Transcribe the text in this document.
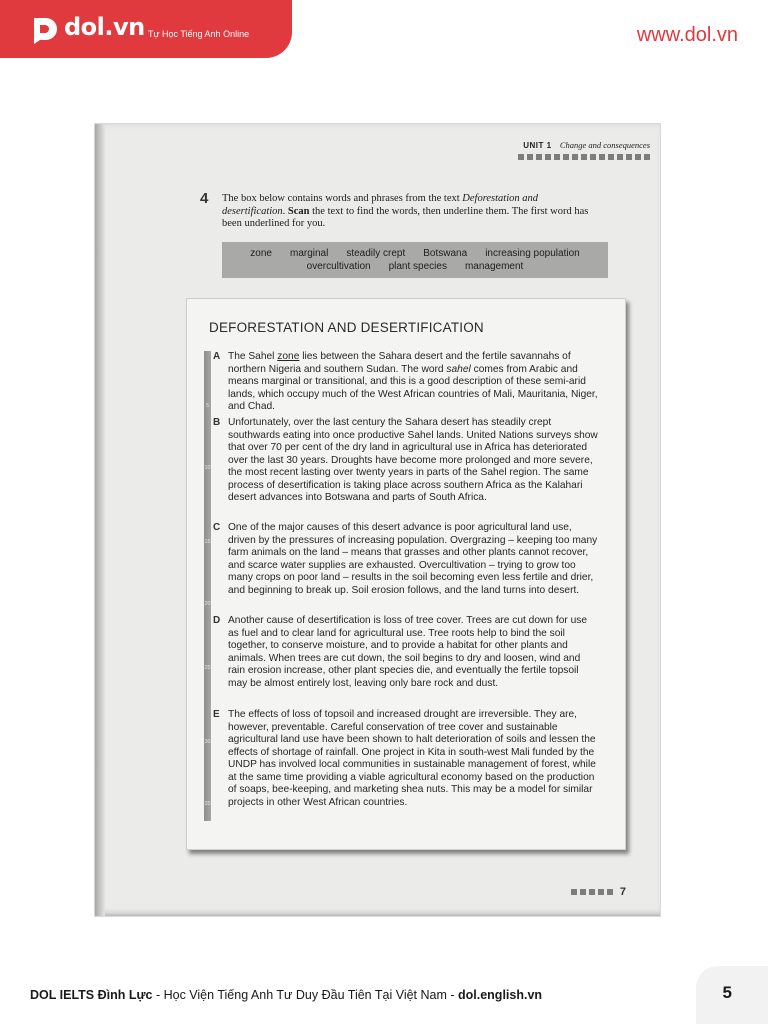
dol.vn Tự Học Tiếng Anh Online	www.dol.vn
UNIT 1 Change and consequences
4 The box below contains words and phrases from the text Deforestation and desertification. Scan the text to find the words, then underline them. The first word has been underlined for you.
zone marginal steadily crept Botswana increasing population
overcultivation plant species management
DEFORESTATION AND DESERTIFICATION
5
10
15
20
25
30
35
A The Sahel zone lies between the Sahara desert and the fertile savannahs of northern Nigeria and southern Sudan. The word sahel comes from Arabic and means marginal or transitional, and this is a good description of these semi-arid lands, which occupy much of the West African countries of Mali, Mauritania, Niger, and Chad.
B Unfortunately, over the last century the Sahara desert has steadily crept southwards eating into once productive Sahel lands. United Nations surveys show that over 70 per cent of the dry land in agricultural use in Africa has deteriorated over the last 30 years. Droughts have become more prolonged and more severe, the most recent lasting over twenty years in parts of the Sahel region. The same process of desertification is taking place across southern Africa as the Kalahari desert advances into Botswana and parts of South Africa.
C One of the major causes of this desert advance is poor agricultural land use, driven by the pressures of increasing population. Overgrazing – keeping too many farm animals on the land – means that grasses and other plants cannot recover, and scarce water supplies are exhausted. Overcultivation – trying to grow too many crops on poor land – results in the soil becoming even less fertile and drier, and beginning to break up. Soil erosion follows, and the land turns into desert.
D Another cause of desertification is loss of tree cover. Trees are cut down for use as fuel and to clear land for agricultural use. Tree roots help to bind the soil together, to conserve moisture, and to provide a habitat for other plants and animals. When trees are cut down, the soil begins to dry and loosen, wind and rain erosion increase, other plant species die, and eventually the fertile topsoil may be almost entirely lost, leaving only bare rock and dust.
E The effects of loss of topsoil and increased drought are irreversible. They are, however, preventable. Careful conservation of tree cover and sustainable agricultural land use have been shown to halt deterioration of soils and lessen the effects of shortage of rainfall. One project in Kita in south-west Mali funded by the UNDP has involved local communities in sustainable management of forest, while at the same time providing a viable agricultural economy based on the production of soaps, bee-keeping, and marketing shea nuts. This may be a model for similar projects in other West African countries.
7
DOL IELTS Đình Lực - Học Viện Tiếng Anh Tư Duy Đầu Tiên Tại Việt Nam - dol.english.vn	5
